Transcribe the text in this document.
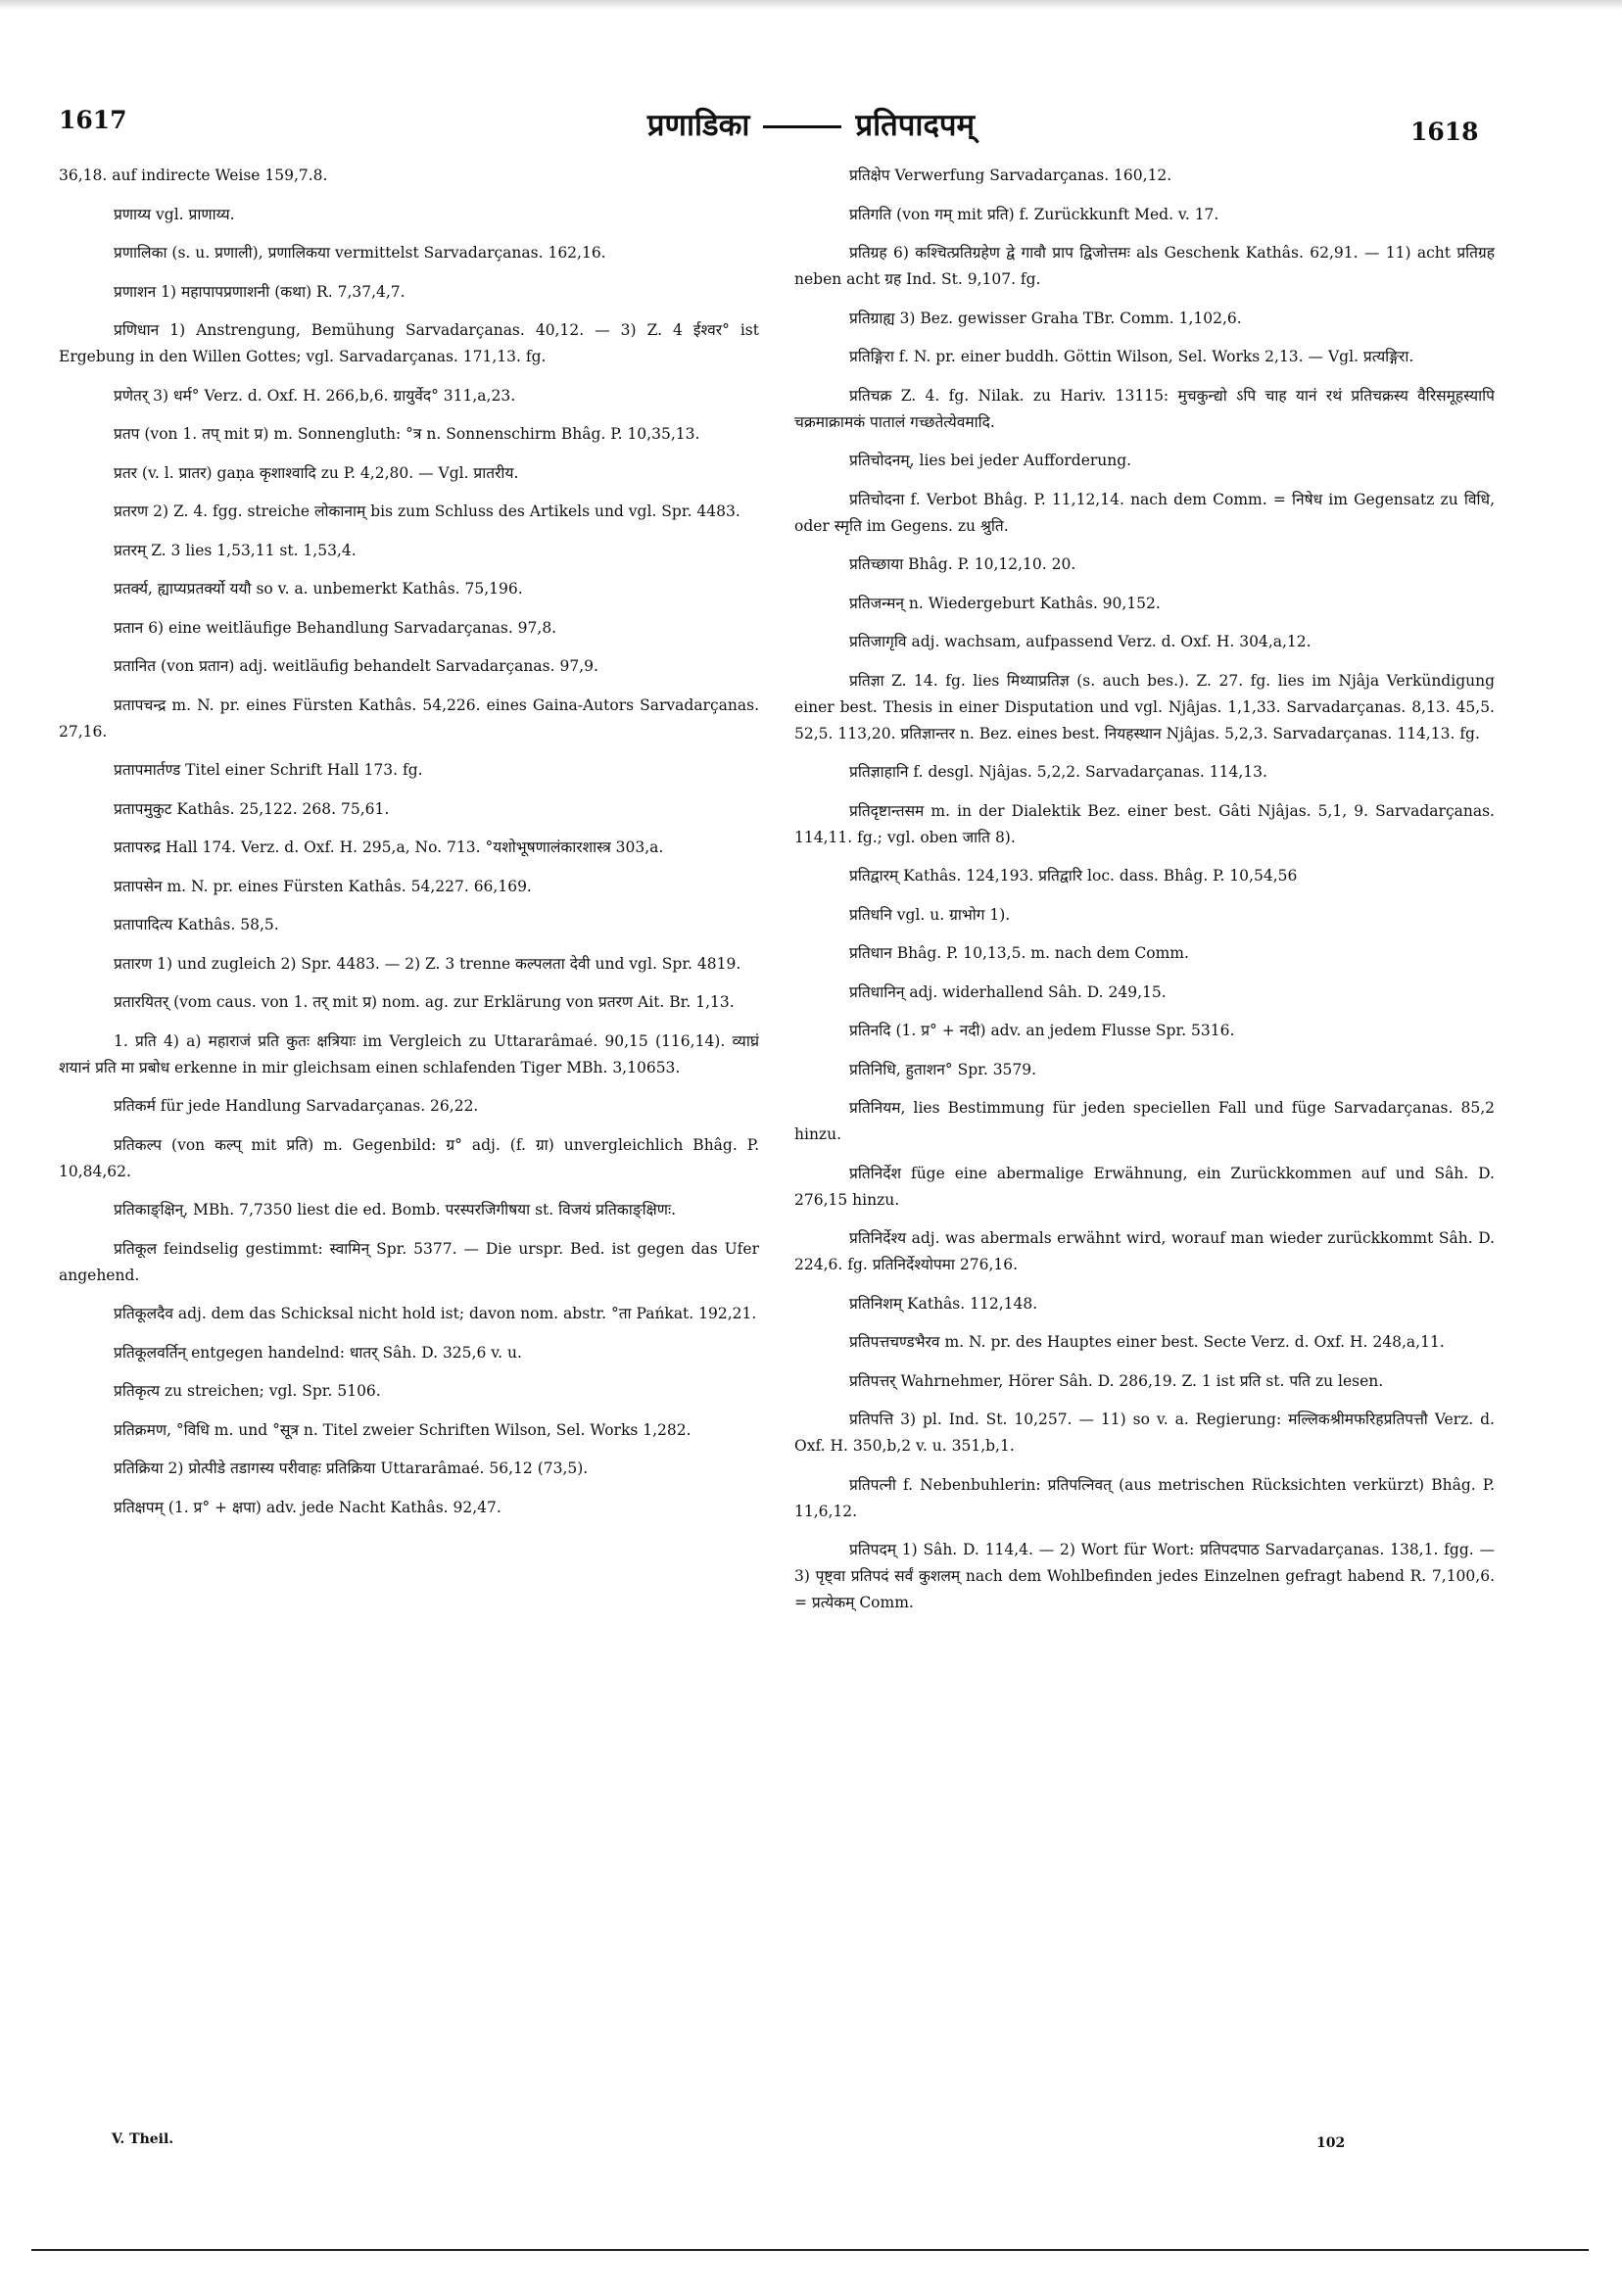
1617	प्रणाडिका	प्रतिपादपम्	1618

36,18. auf indirecte Weise 159,7.8.

प्रणाय्य vgl. प्राणाय्य.

प्रणालिका (s. u. प्रणाली), प्रणालिकया vermittelst Sarvadarçanas. 162,16.

प्रणाशन 1) महापापप्रणाशनी (कथा) R. 7,37,4,7.

प्रणिधान 1) Anstrengung, Bemühung Sarvadarçanas. 40,12. — 3) Z. 4 ईश्वर° ist Ergebung in den Willen Gottes; vgl. Sarvadarçanas. 171,13. fg.

प्रणेतर् 3) धर्म° Verz. d. Oxf. H. 266,b,6. ग्रायुर्वेद° 311,a,23.

प्रतप (von 1. तप् mit प्र) m. Sonnengluth: °त्र n. Sonnenschirm Bhâg. P. 10,35,13.

प्रतर (v. l. प्रातर) gaṇa कृशाश्वादि zu P. 4,2,80. — Vgl. प्रातरीय.

प्रतरण 2) Z. 4. fgg. streiche लोकानाम् bis zum Schluss des Artikels und vgl. Spr. 4483.

प्रतरम् Z. 3 lies 1,53,11 st. 1,53,4.

प्रतर्क्य, ह्याप्यप्रतर्क्यो ययौ so v. a. unbemerkt Kathâs. 75,196.

प्रतान 6) eine weitläufige Behandlung Sarvadarçanas. 97,8.

प्रतानित (von प्रतान) adj. weitläufig behandelt Sarvadarçanas. 97,9.

प्रतापचन्द्र m. N. pr. eines Fürsten Kathâs. 54,226. eines Gaina-Autors Sarvadarçanas. 27,16.

प्रतापमार्तण्ड Titel einer Schrift Hall 173. fg.

प्रतापमुकुट Kathâs. 25,122. 268. 75,61.

प्रतापरुद्र Hall 174. Verz. d. Oxf. H. 295,a, No. 713. °यशोभूषणालंकारशास्त्र 303,a.

प्रतापसेन m. N. pr. eines Fürsten Kathâs. 54,227. 66,169.

प्रतापादित्य Kathâs. 58,5.

प्रतारण 1) und zugleich 2) Spr. 4483. — 2) Z. 3 trenne कल्पलता देवी und vgl. Spr. 4819.

प्रतारयितर् (vom caus. von 1. तर् mit प्र) nom. ag. zur Erklärung von प्रतरण Ait. Br. 1,13.

1. प्रति 4) a) महाराजं प्रति कुतः क्षत्रियाः im Vergleich zu Uttararâmaé. 90,15 (116,14). व्याघ्रं शयानं प्रति मा प्रबोध erkenne in mir gleichsam einen schlafenden Tiger MBh. 3,10653.

प्रतिकर्म für jede Handlung Sarvadarçanas. 26,22.

प्रतिकल्प (von कल्प् mit प्रति) m. Gegenbild: ग्र° adj. (f. ग्रा) unvergleichlich Bhâg. P. 10,84,62.

प्रतिकाङ्क्षिन्, MBh. 7,7350 liest die ed. Bomb. परस्परजिगीषया st. विजयं प्रतिकाङ्क्षिणः.

प्रतिकूल feindselig gestimmt: स्वामिन् Spr. 5377. — Die urspr. Bed. ist gegen das Ufer angehend.

प्रतिकूलदैव adj. dem das Schicksal nicht hold ist; davon nom. abstr. °ता Pańkat. 192,21.

प्रतिकूलवर्तिन् entgegen handelnd: धातर् Sâh. D. 325,6 v. u.

प्रतिकृत्य zu streichen; vgl. Spr. 5106.

प्रतिक्रमण, °विधि m. und °सूत्र n. Titel zweier Schriften Wilson, Sel. Works 1,282.

प्रतिक्रिया 2) प्रोत्पीडे तडागस्य परीवाहः प्रतिक्रिया Uttararâmaé. 56,12 (73,5).

प्रतिक्षपम् (1. प्र° + क्षपा) adv. jede Nacht Kathâs. 92,47.

प्रतिक्षेप Verwerfung Sarvadarçanas. 160,12.

प्रतिगति (von गम् mit प्रति) f. Zurückkunft Med. v. 17.

प्रतिग्रह 6) कश्चित्प्रतिग्रहेण द्वे गावौ प्राप द्विजोत्तमः als Geschenk Kathâs. 62,91. — 11) acht प्रतिग्रह neben acht ग्रह Ind. St. 9,107. fg.

प्रतिग्राह्य 3) Bez. gewisser Graha TBr. Comm. 1,102,6.

प्रतिङ्गिरा f. N. pr. einer buddh. Göttin Wilson, Sel. Works 2,13. — Vgl. प्रत्यङ्गिरा.

प्रतिचक्र Z. 4. fg. Nilak. zu Hariv. 13115: मुचकुन्द्यो ऽपि चाह यानं रथं प्रतिचक्रस्य वैरिसमूहस्यापि चक्रमाक्रामकं पातालं गच्छतेत्येवमादि.

प्रतिचोदनम्, lies bei jeder Aufforderung.

प्रतिचोदना f. Verbot Bhâg. P. 11,12,14. nach dem Comm. = निषेध im Gegensatz zu विधि, oder स्मृति im Gegens. zu श्रुति.

प्रतिच्छाया Bhâg. P. 10,12,10. 20.

प्रतिजन्मन् n. Wiedergeburt Kathâs. 90,152.

प्रतिजागृवि adj. wachsam, aufpassend Verz. d. Oxf. H. 304,a,12.

प्रतिज्ञा Z. 14. fg. lies मिथ्याप्रतिज्ञ (s. auch bes.). Z. 27. fg. lies im Njâja Verkündigung einer best. Thesis in einer Disputation und vgl. Njâjas. 1,1,33. Sarvadarçanas. 8,13. 45,5. 52,5. 113,20. प्रतिज्ञान्तर n. Bez. eines best. नियहस्थान Njâjas. 5,2,3. Sarvadarçanas. 114,13. fg.

प्रतिज्ञाहानि f. desgl. Njâjas. 5,2,2. Sarvadarçanas. 114,13.

प्रतिदृष्टान्तसम m. in der Dialektik Bez. einer best. Gâti Njâjas. 5,1, 9. Sarvadarçanas. 114,11. fg.; vgl. oben जाति 8).

प्रतिद्वारम् Kathâs. 124,193. प्रतिद्वारि loc. dass. Bhâg. P. 10,54,56

प्रतिधनि vgl. u. ग्राभोग 1).

प्रतिधान Bhâg. P. 10,13,5. m. nach dem Comm.

प्रतिधानिन् adj. widerhallend Sâh. D. 249,15.

प्रतिनदि (1. प्र° + नदी) adv. an jedem Flusse Spr. 5316.

प्रतिनिधि, हुताशन° Spr. 3579.

प्रतिनियम, lies Bestimmung für jeden speciellen Fall und füge Sarvadarçanas. 85,2 hinzu.

प्रतिनिर्देश füge eine abermalige Erwähnung, ein Zurückkommen auf und Sâh. D. 276,15 hinzu.

प्रतिनिर्देश्य adj. was abermals erwähnt wird, worauf man wieder zurückkommt Sâh. D. 224,6. fg. प्रतिनिर्देश्योपमा 276,16.

प्रतिनिशम् Kathâs. 112,148.

प्रतिपत्तचण्डभैरव m. N. pr. des Hauptes einer best. Secte Verz. d. Oxf. H. 248,a,11.

प्रतिपत्तर् Wahrnehmer, Hörer Sâh. D. 286,19. Z. 1 ist प्रति st. पति zu lesen.

प्रतिपत्ति 3) pl. Ind. St. 10,257. — 11) so v. a. Regierung: मल्लिकश्रीमफरिहप्रतिपत्तौ Verz. d. Oxf. H. 350,b,2 v. u. 351,b,1.

प्रतिपत्नी f. Nebenbuhlerin: प्रतिपत्निवत् (aus metrischen Rücksichten verkürzt) Bhâg. P. 11,6,12.

प्रतिपदम् 1) Sâh. D. 114,4. — 2) Wort für Wort: प्रतिपदपाठ Sarvadarçanas. 138,1. fgg. — 3) पृष्ट्वा प्रतिपदं सर्वं कुशलम् nach dem Wohlbefinden jedes Einzelnen gefragt habend R. 7,100,6. = प्रत्येकम् Comm.

V. Theil.	102
